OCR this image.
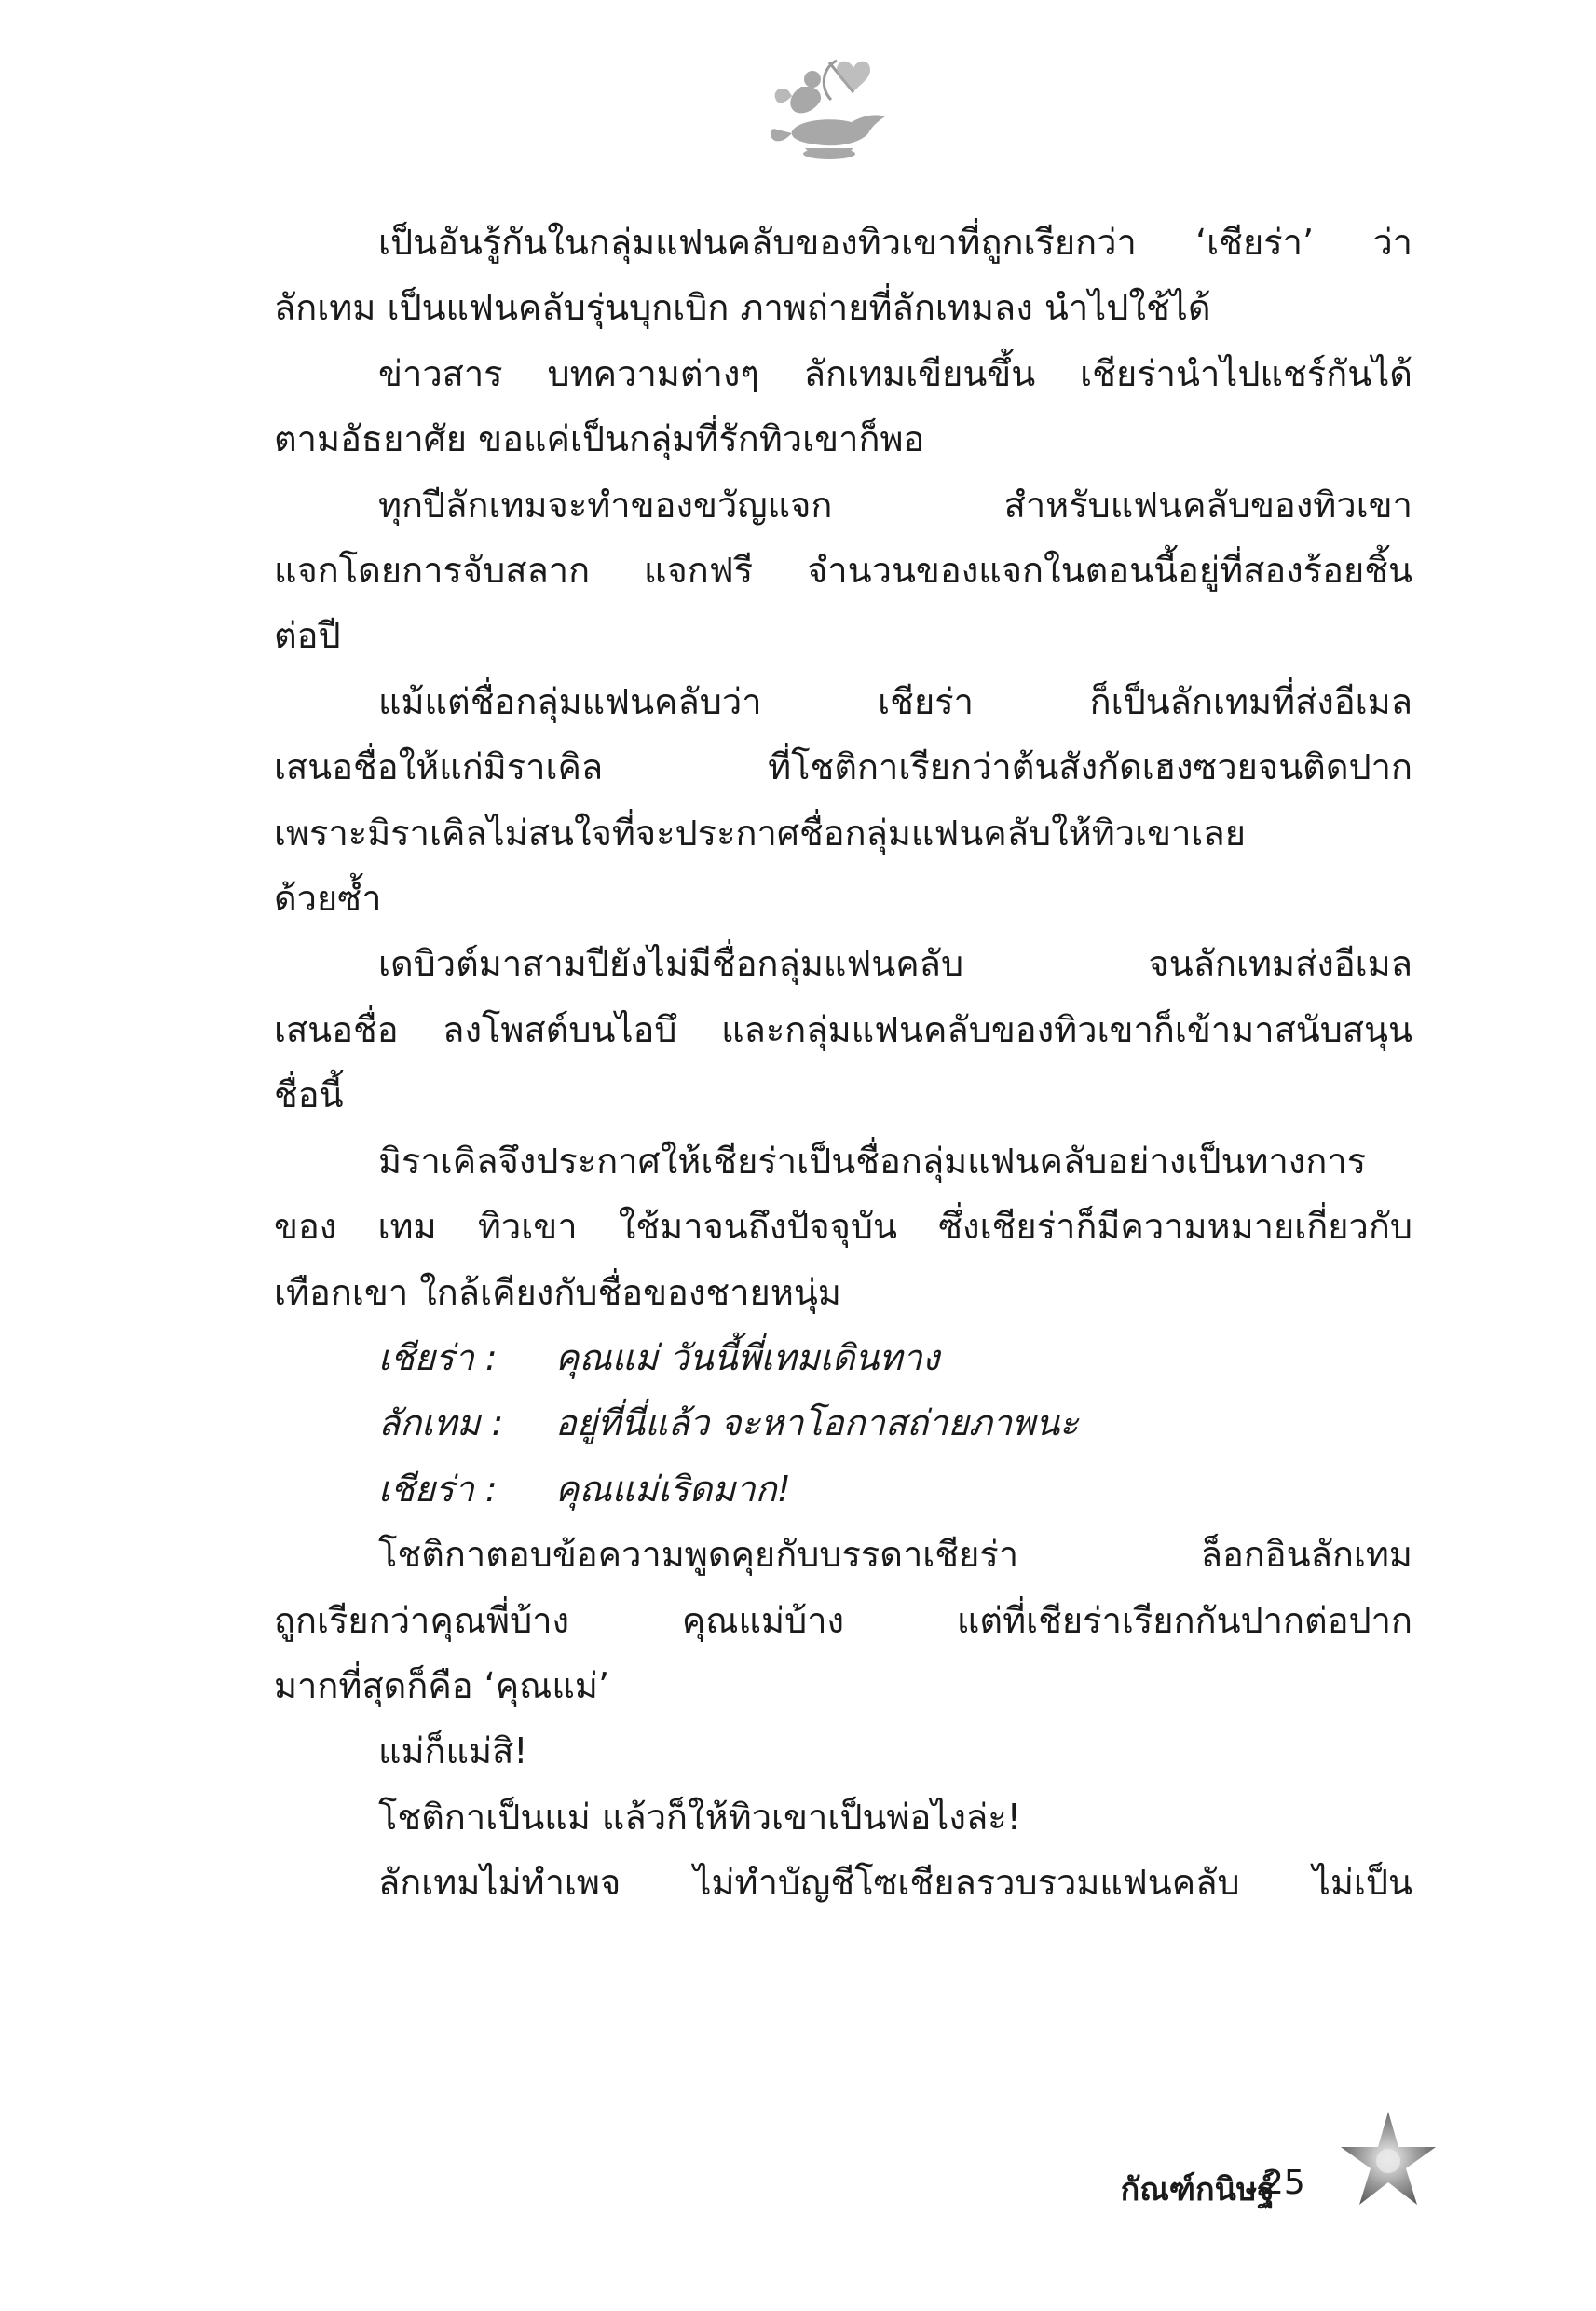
เป็นอันรู้กันในกลุ่มแฟนคลับของทิวเขาที่ถูกเรียกว่า ‘เชียร่า’ ว่า
ลักเทม เป็นแฟนคลับรุ่นบุกเบิก ภาพถ่ายที่ลักเทมลง นำไปใช้ได้
ข่าวสาร บทความต่างๆ ลักเทมเขียนขึ้น เชียร่านำไปแชร์กันได้
ตามอัธยาศัย ขอแค่เป็นกลุ่มที่รักทิวเขาก็พอ
ทุกปีลักเทมจะทำของขวัญแจก สำหรับแฟนคลับของทิวเขา
แจกโดยการจับสลาก แจกฟรี จำนวนของแจกในตอนนี้อยู่ที่สองร้อยชิ้น
ต่อปี
แม้แต่ชื่อกลุ่มแฟนคลับว่า เชียร่า ก็เป็นลักเทมที่ส่งอีเมล
เสนอชื่อให้แก่มิราเคิล ที่โชติกาเรียกว่าต้นสังกัดเฮงซวยจนติดปาก
เพราะมิราเคิลไม่สนใจที่จะประกาศชื่อกลุ่มแฟนคลับให้ทิวเขาเลย
ด้วยซ้ำ
เดบิวต์มาสามปียังไม่มีชื่อกลุ่มแฟนคลับ จนลักเทมส่งอีเมล
เสนอชื่อ ลงโพสต์บนไอบึ และกลุ่มแฟนคลับของทิวเขาก็เข้ามาสนับสนุน
ชื่อนี้
มิราเคิลจึงประกาศให้เชียร่าเป็นชื่อกลุ่มแฟนคลับอย่างเป็นทางการ
ของ เทม ทิวเขา ใช้มาจนถึงปัจจุบัน ซึ่งเชียร่าก็มีความหมายเกี่ยวกับ
เทือกเขา ใกล้เคียงกับชื่อของชายหนุ่ม
เชียร่า : คุณแม่ วันนี้พี่เทมเดินทาง
ลักเทม : อยู่ที่นี่แล้ว จะหาโอกาสถ่ายภาพนะ
เชียร่า : คุณแม่เริดมาก!
โชติกาตอบข้อความพูดคุยกับบรรดาเชียร่า ล็อกอินลักเทม
ถูกเรียกว่าคุณพี่บ้าง คุณแม่บ้าง แต่ที่เชียร่าเรียกกันปากต่อปาก
มากที่สุดก็คือ ‘คุณแม่’
แม่ก็แม่สิ!
โชติกาเป็นแม่ แล้วก็ให้ทิวเขาเป็นพ่อไงล่ะ!
ลักเทมไม่ทำเพจ ไม่ทำบัญชีโซเชียลรวบรวมแฟนคลับ ไม่เป็น
กัณฑ์กนิษฐ์
25
